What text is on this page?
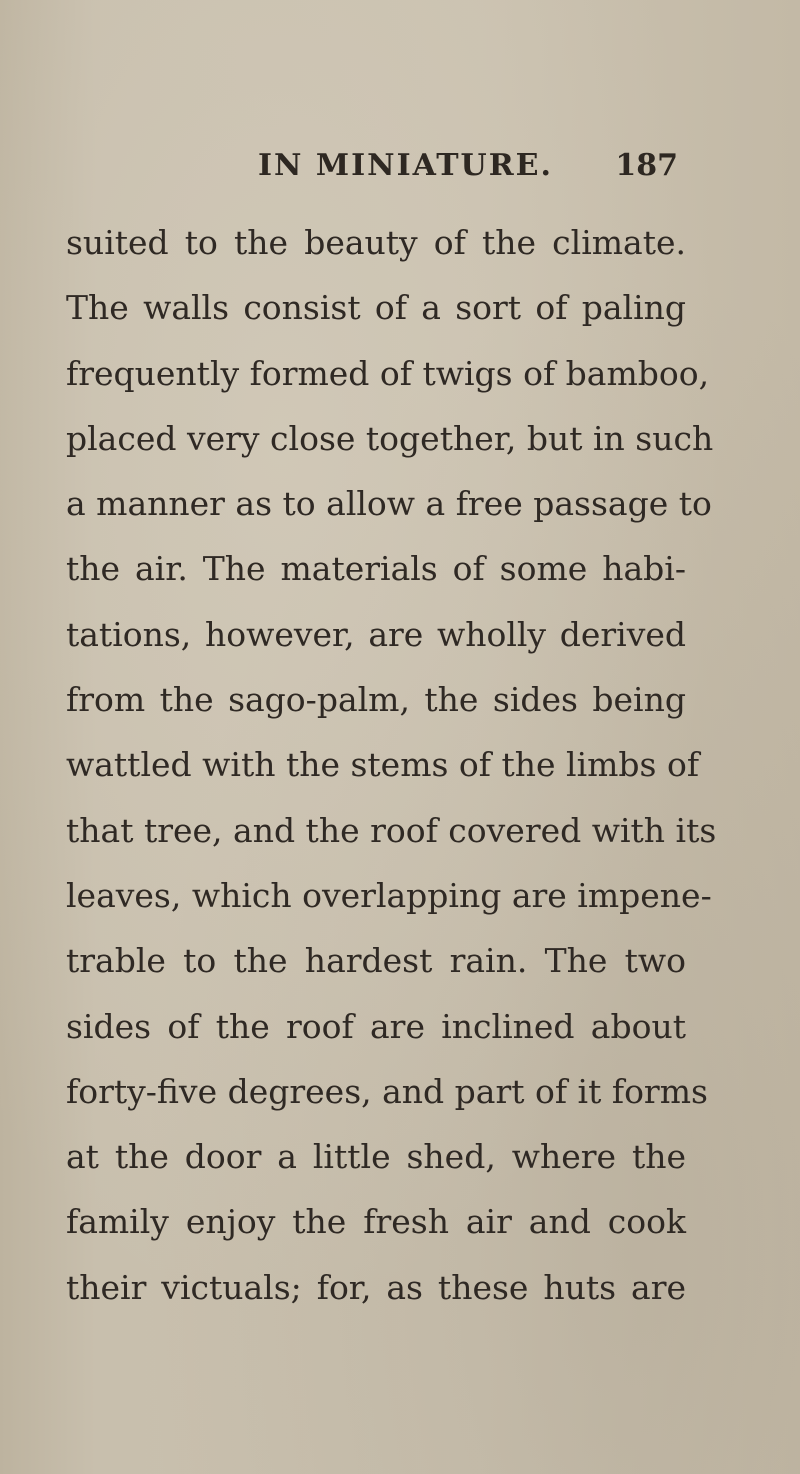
IN MINIATURE. 187
suited to the beauty of the climate.
The walls consist of a sort of paling
frequently formed of twigs of bamboo,
placed very close together, but in such
a manner as to allow a free passage to
the air. The materials of some habi-
tations, however, are wholly derived
from the sago-palm, the sides being
wattled with the stems of the limbs of
that tree, and the roof covered with its
leaves, which overlapping are impene-
trable to the hardest rain. The two
sides of the roof are inclined about
forty-five degrees, and part of it forms
at the door a little shed, where the
family enjoy the fresh air and cook
their victuals; for, as these huts are
